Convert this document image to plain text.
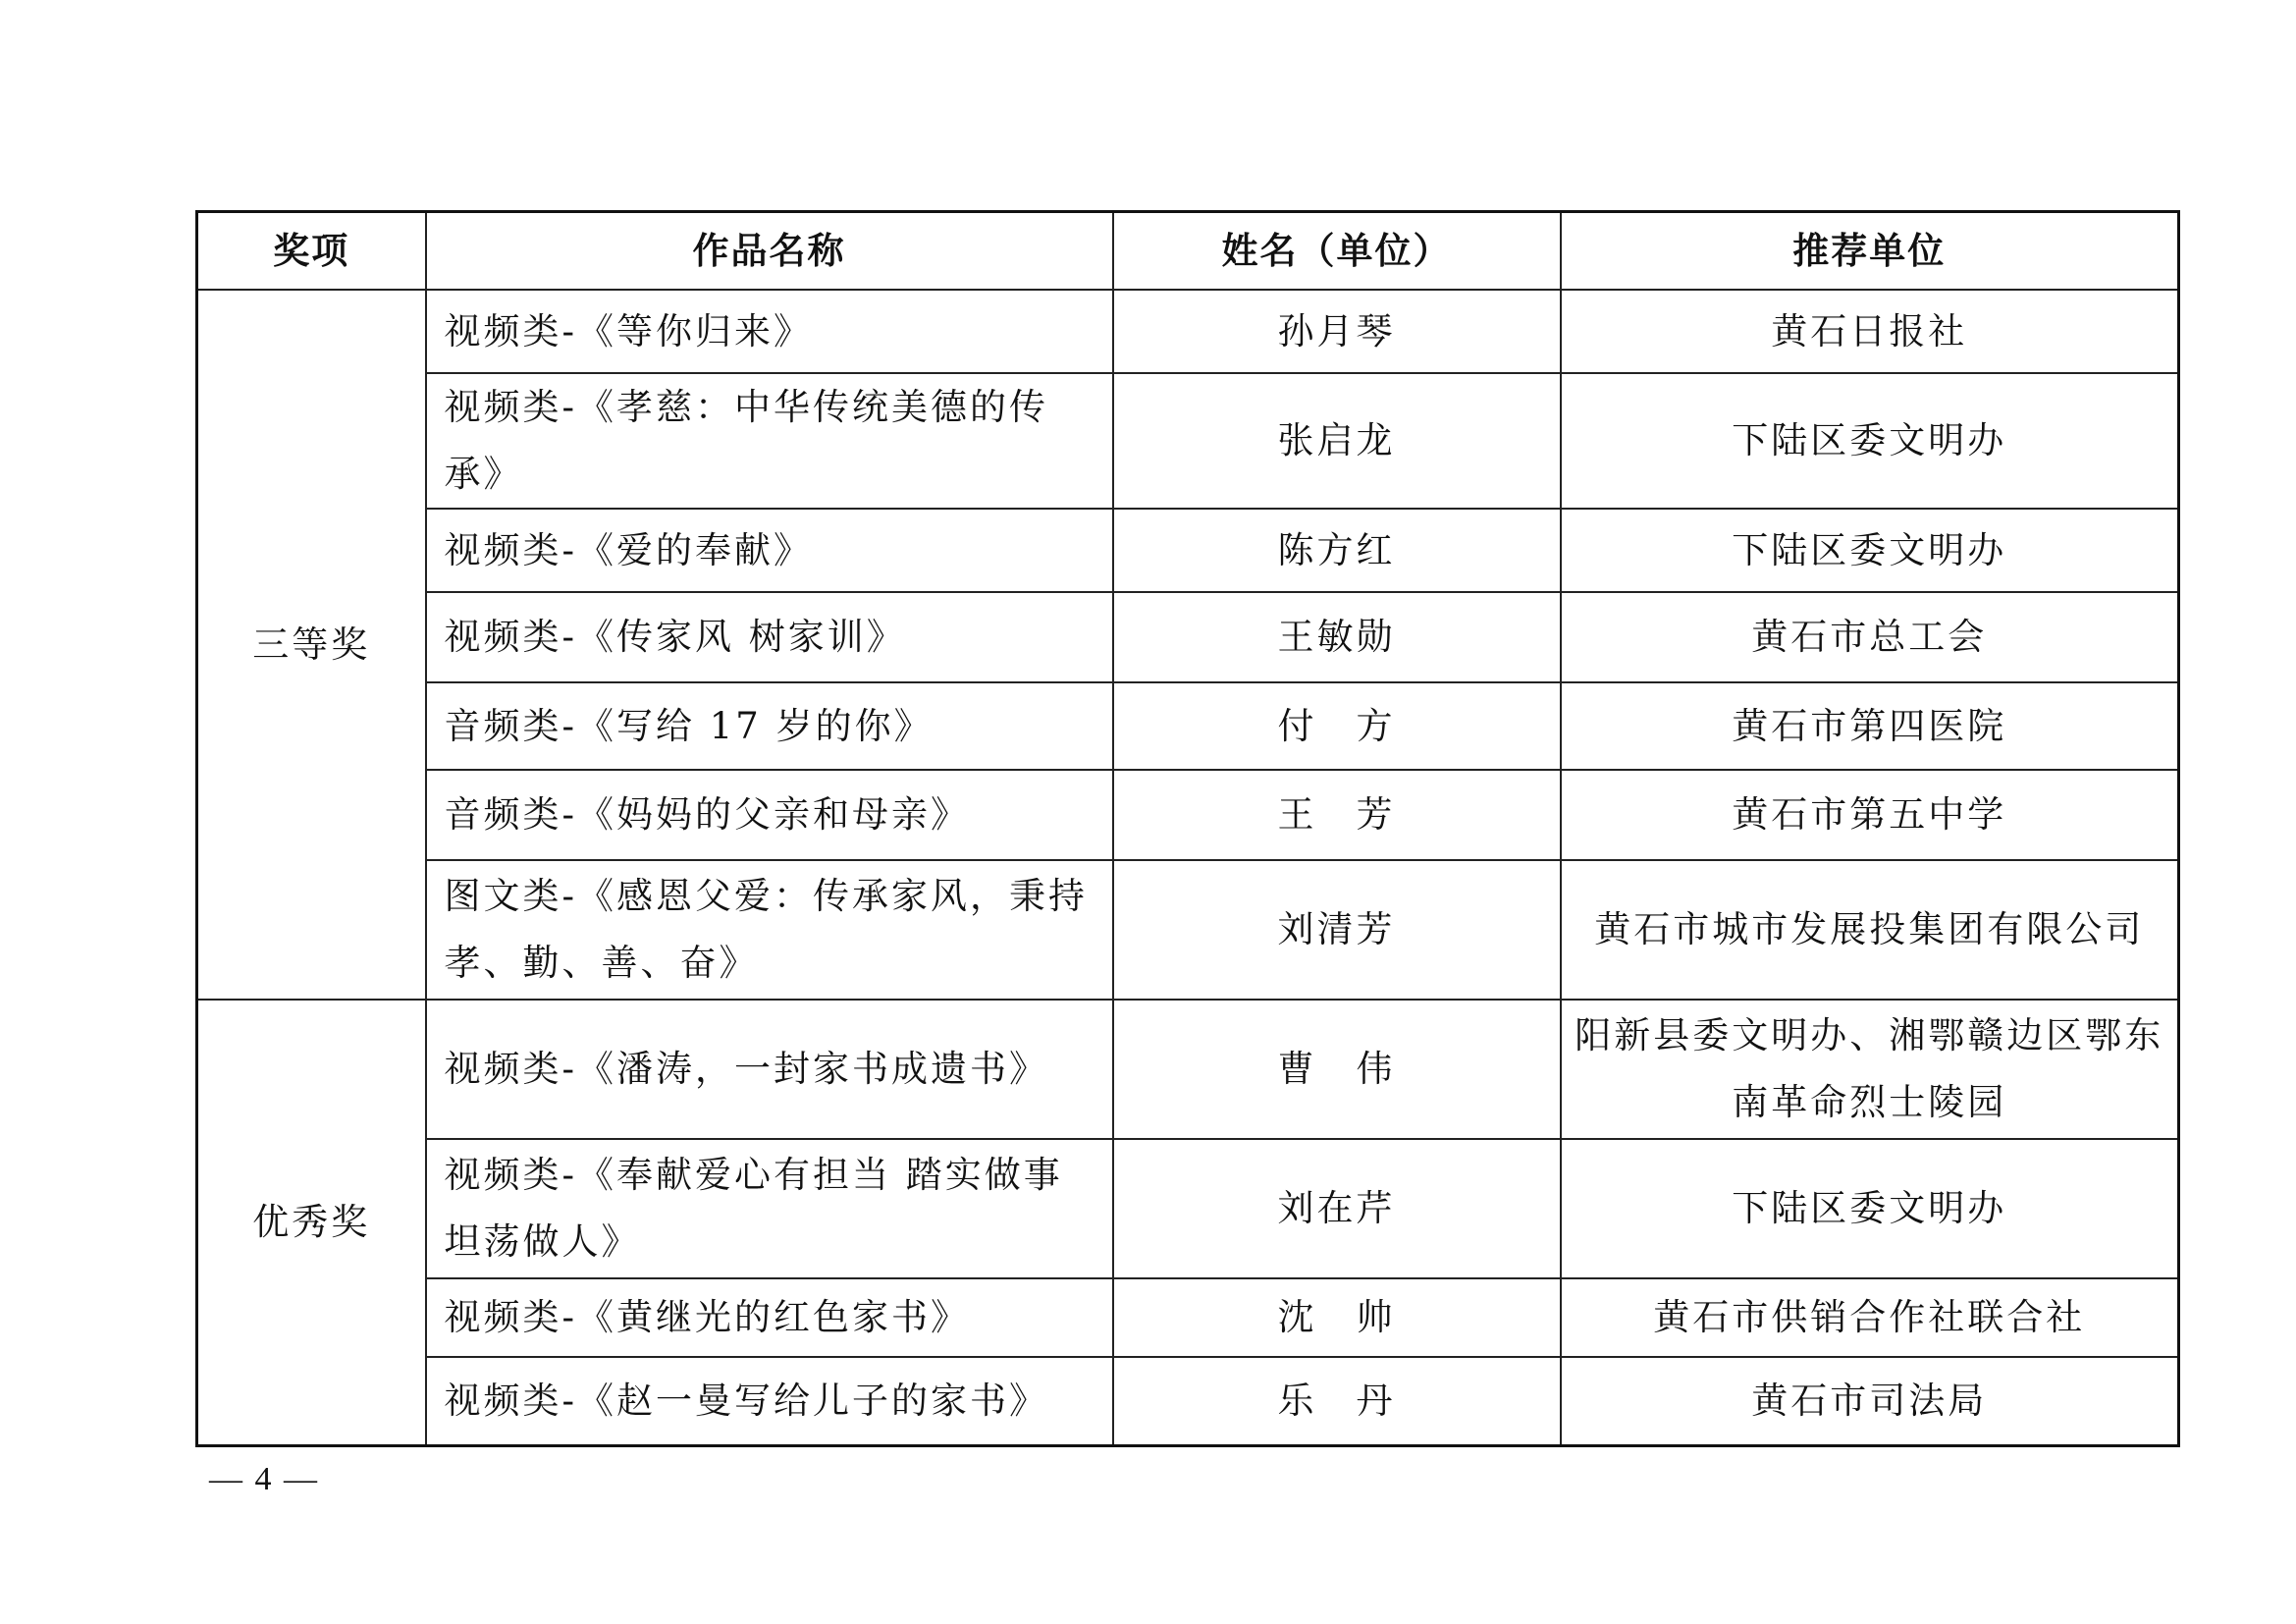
奖项	作品名称	姓名（单位）	推荐单位
三等奖	视频类-《等你归来》	孙月琴	黄石日报社
	视频类-《孝慈：中华传统美德的传承》	张启龙	下陆区委文明办
	视频类-《爱的奉献》	陈方红	下陆区委文明办
	视频类-《传家风 树家训》	王敏勋	黄石市总工会
	音频类-《写给 17 岁的你》	付　方	黄石市第四医院
	音频类-《妈妈的父亲和母亲》	王　芳	黄石市第五中学
	图文类-《感恩父爱：传承家风，秉持孝、勤、善、奋》	刘清芳	黄石市城市发展投集团有限公司
优秀奖	视频类-《潘涛，一封家书成遗书》	曹　伟	阳新县委文明办、湘鄂赣边区鄂东南革命烈士陵园
	视频类-《奉献爱心有担当 踏实做事坦荡做人》	刘在芹	下陆区委文明办
	视频类-《黄继光的红色家书》	沈　帅	黄石市供销合作社联合社
	视频类-《赵一曼写给儿子的家书》	乐　丹	黄石市司法局
— 4 —
